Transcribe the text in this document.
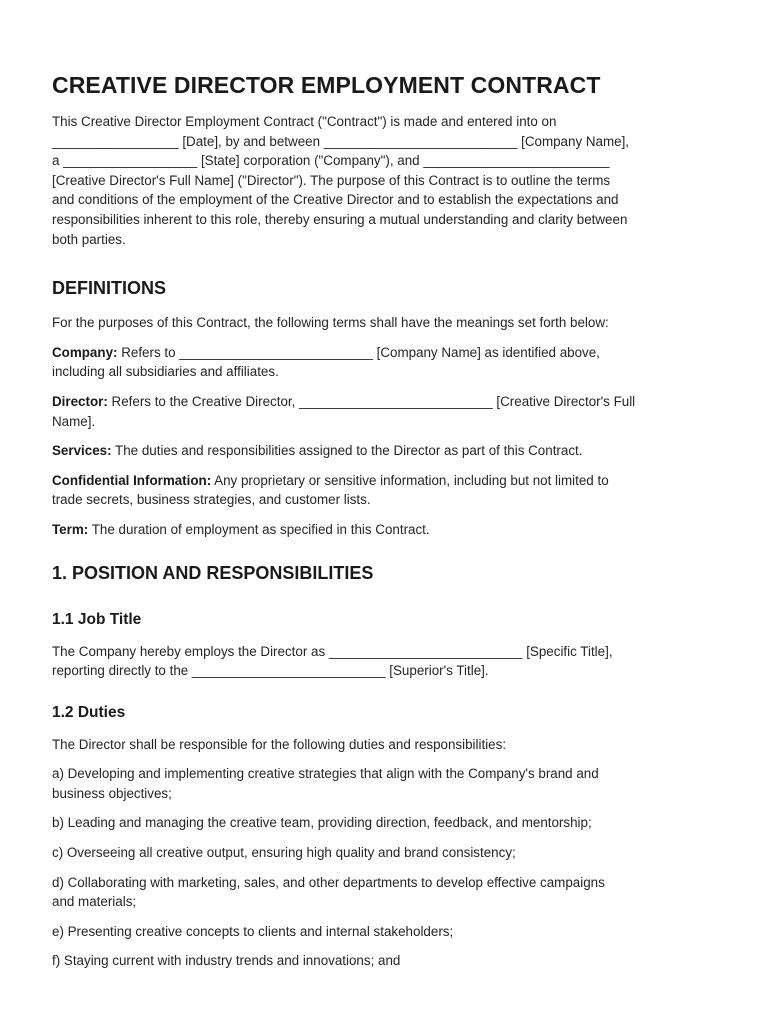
CREATIVE DIRECTOR EMPLOYMENT CONTRACT

This Creative Director Employment Contract ("Contract") is made and entered into on
_________________ [Date], by and between __________________________ [Company Name],
a __________________ [State] corporation ("Company"), and _________________________
[Creative Director's Full Name] ("Director"). The purpose of this Contract is to outline the terms
and conditions of the employment of the Creative Director and to establish the expectations and
responsibilities inherent to this role, thereby ensuring a mutual understanding and clarity between
both parties.

DEFINITIONS

For the purposes of this Contract, the following terms shall have the meanings set forth below:

Company: Refers to __________________________ [Company Name] as identified above,
including all subsidiaries and affiliates.

Director: Refers to the Creative Director, __________________________ [Creative Director's Full
Name].

Services: The duties and responsibilities assigned to the Director as part of this Contract.

Confidential Information: Any proprietary or sensitive information, including but not limited to
trade secrets, business strategies, and customer lists.

Term: The duration of employment as specified in this Contract.

1. POSITION AND RESPONSIBILITIES
1.1 Job Title

The Company hereby employs the Director as __________________________ [Specific Title],
reporting directly to the __________________________ [Superior's Title].

1.2 Duties

The Director shall be responsible for the following duties and responsibilities:

a) Developing and implementing creative strategies that align with the Company's brand and
business objectives;

b) Leading and managing the creative team, providing direction, feedback, and mentorship;

c) Overseeing all creative output, ensuring high quality and brand consistency;

d) Collaborating with marketing, sales, and other departments to develop effective campaigns
and materials;

e) Presenting creative concepts to clients and internal stakeholders;

f) Staying current with industry trends and innovations; and
